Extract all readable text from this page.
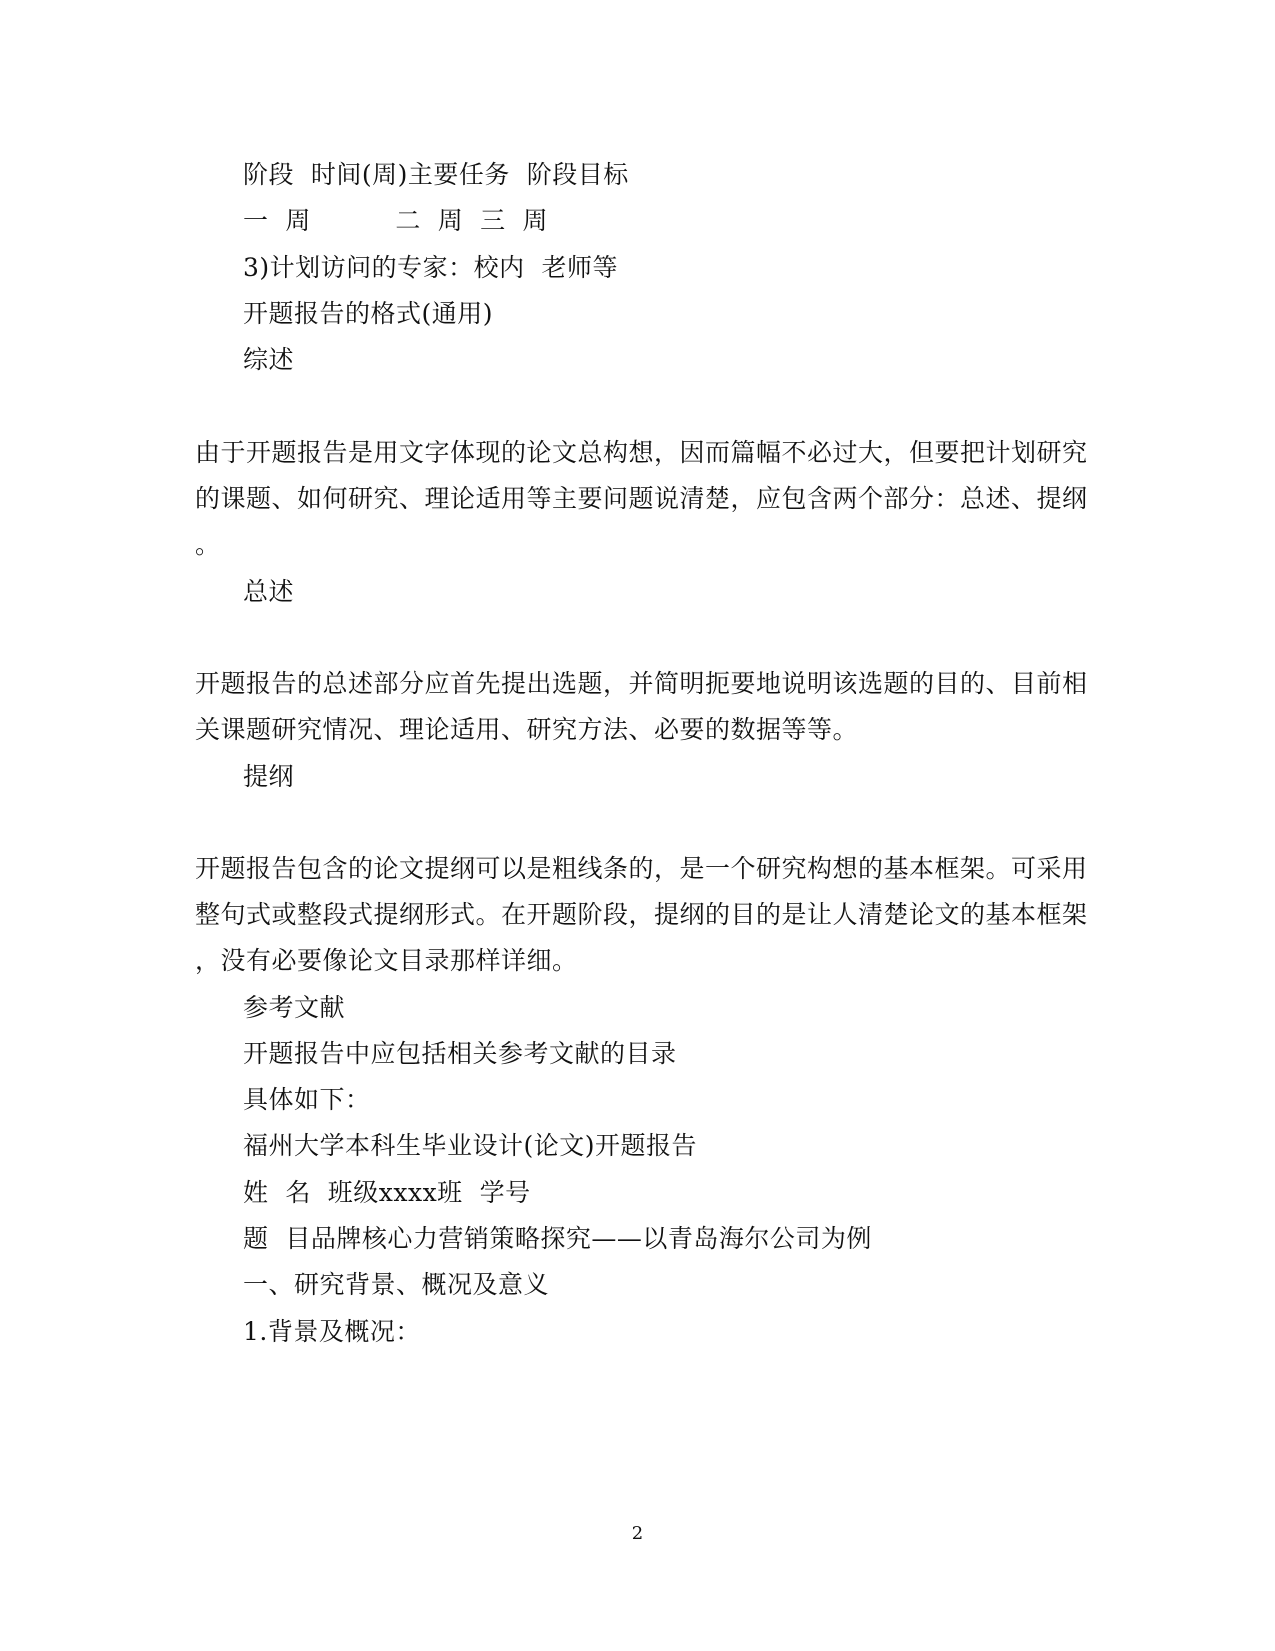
阶段  时间(周)主要任务  阶段目标
一  周          二  周  三  周
3)计划访问的专家：校内  老师等
开题报告的格式(通用)
综述
由于开题报告是用文字体现的论文总构想，因而篇幅不必过大，但要把计划研究
的课题、如何研究、理论适用等主要问题说清楚，应包含两个部分：总述、提纲
。
总述
开题报告的总述部分应首先提出选题，并简明扼要地说明该选题的目的、目前相
关课题研究情况、理论适用、研究方法、必要的数据等等。
提纲
开题报告包含的论文提纲可以是粗线条的，是一个研究构想的基本框架。可采用
整句式或整段式提纲形式。在开题阶段，提纲的目的是让人清楚论文的基本框架
，没有必要像论文目录那样详细。
参考文献
开题报告中应包括相关参考文献的目录
具体如下：
福州大学本科生毕业设计(论文)开题报告
姓  名  班级xxxx班  学号
题  目品牌核心力营销策略探究——以青岛海尔公司为例
一、研究背景、概况及意义
1.背景及概况：
2
